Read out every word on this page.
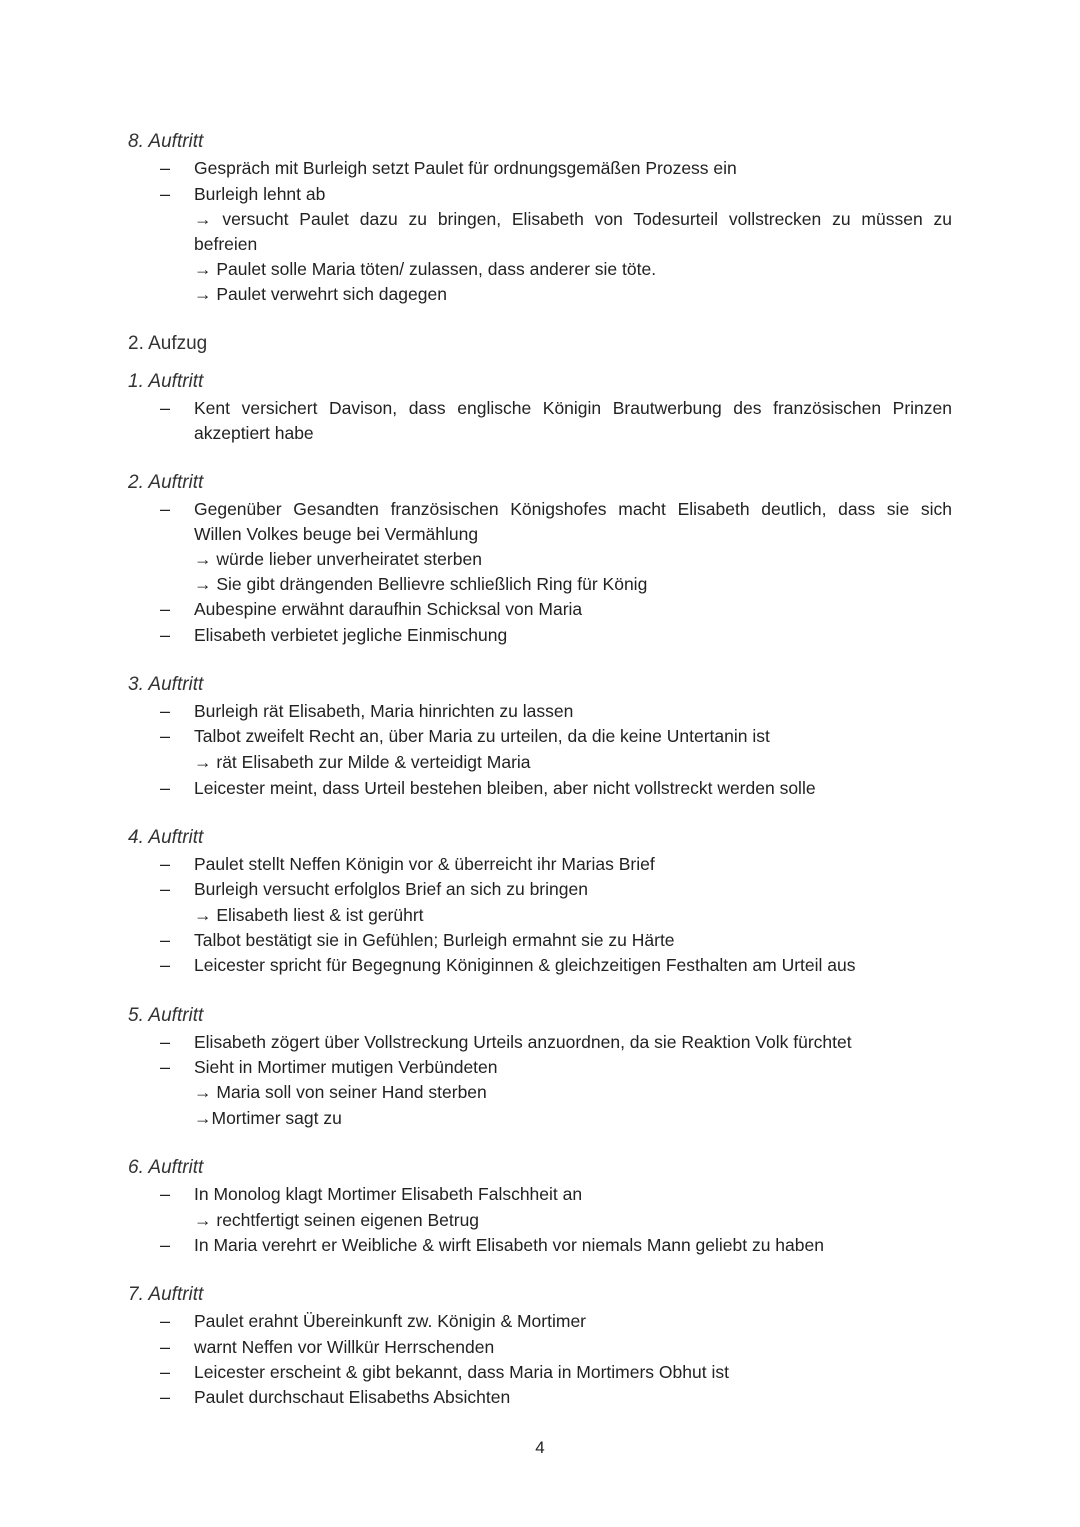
8. Auftritt
– Gespräch mit Burleigh setzt Paulet für ordnungsgemäßen Prozess ein
– Burleigh lehnt ab
→ versucht Paulet dazu zu bringen, Elisabeth von Todesurteil vollstrecken zu müssen zu
befreien
→ Paulet solle Maria töten/ zulassen, dass anderer sie töte.
→ Paulet verwehrt sich dagegen
2. Aufzug
1. Auftritt
– Kent versichert Davison, dass englische Königin Brautwerbung des französischen Prinzen
akzeptiert habe
2. Auftritt
– Gegenüber Gesandten französischen Königshofes macht Elisabeth deutlich, dass sie sich
Willen Volkes beuge bei Vermählung
→ würde lieber unverheiratet sterben
→ Sie gibt drängenden Bellievre schließlich Ring für König
– Aubespine erwähnt daraufhin Schicksal von Maria
– Elisabeth verbietet jegliche Einmischung
3. Auftritt
– Burleigh rät Elisabeth, Maria hinrichten zu lassen
– Talbot zweifelt Recht an, über Maria zu urteilen, da die keine Untertanin ist
→ rät Elisabeth zur Milde & verteidigt Maria
– Leicester meint, dass Urteil bestehen bleiben, aber nicht vollstreckt werden solle
4. Auftritt
– Paulet stellt Neffen Königin vor & überreicht ihr Marias Brief
– Burleigh versucht erfolglos Brief an sich zu bringen
→ Elisabeth liest & ist gerührt
– Talbot bestätigt sie in Gefühlen; Burleigh ermahnt sie zu Härte
– Leicester spricht für Begegnung Königinnen & gleichzeitigen Festhalten am Urteil aus
5. Auftritt
– Elisabeth zögert über Vollstreckung Urteils anzuordnen, da sie Reaktion Volk fürchtet
– Sieht in Mortimer mutigen Verbündeten
→ Maria soll von seiner Hand sterben
→Mortimer sagt zu
6. Auftritt
– In Monolog klagt Mortimer Elisabeth Falschheit an
→ rechtfertigt seinen eigenen Betrug
– In Maria verehrt er Weibliche & wirft Elisabeth vor niemals Mann geliebt zu haben
7. Auftritt
– Paulet erahnt Übereinkunft zw. Königin & Mortimer
– warnt Neffen vor Willkür Herrschenden
– Leicester erscheint & gibt bekannt, dass Maria in Mortimers Obhut ist
– Paulet durchschaut Elisabeths Absichten
4
